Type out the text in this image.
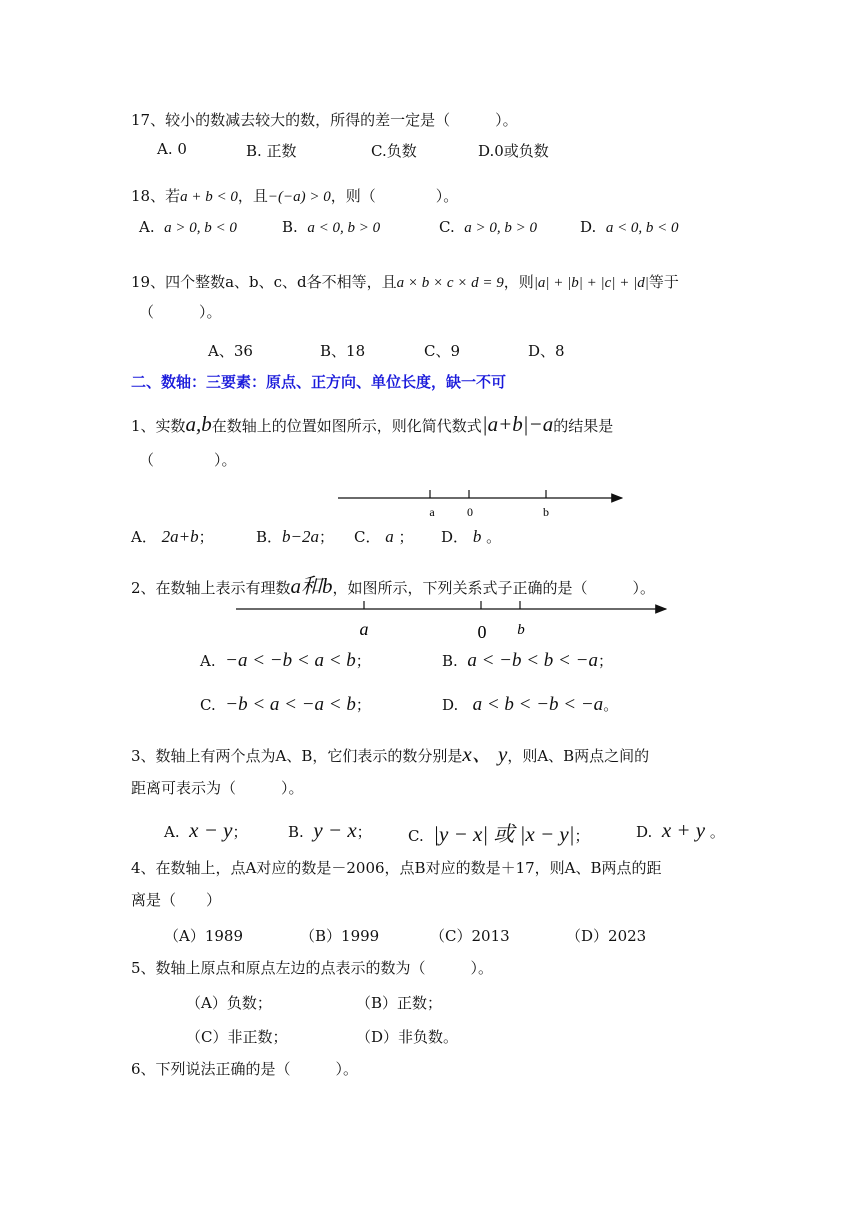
17、较小的数减去较大的数，所得的差一定是（　　　）。
A. 0	B. 正数	C.负数	D.0或负数
18、若a + b < 0，且−(−a) > 0，则（　　　　）。
A. a > 0, b < 0	B. a < 0, b > 0	C. a > 0, b > 0	D. a < 0, b < 0
19、四个整数a、b、c、d各不相等，且a × b × c × d = 9，则|a| + |b| + |c| + |d|等于
（　　　）。
A、36	B、18	C、9	D、8
二、数轴：三要素：原点、正方向、单位长度，缺一不可
1、实数a,b在数轴上的位置如图所示，则化简代数式|a+b|−a的结果是
（　　　　）。
a	0	b
a	0 b
A． 2a+b；	B．b−2a； C． a ； D． b 。
2、在数轴上表示有理数a和b，如图所示，下列关系式子正确的是（　　　）。
A. −a < −b < a < b；	B. a < −b < b < −a；
C. −b < a < −a < b；	D. a < b < −b < −a。
3、数轴上有两个点为A、B，它们表示的数分别是x、 y，则A、B两点之间的
距离可表示为（　　　）。
A. x − y；	B. y − x； C. |y − x| 或 |x − y|；	D. x + y 。
4、在数轴上，点A对应的数是－2006，点B对应的数是＋17，则A、B两点的距
离是（　　）
（A）1989	（B）1999	（C）2013	（D）2023
5、数轴上原点和原点左边的点表示的数为（　　　）。
（A）负数；	（B）正数；
（C）非正数；	（D）非负数。
6、下列说法正确的是（　　　）。
